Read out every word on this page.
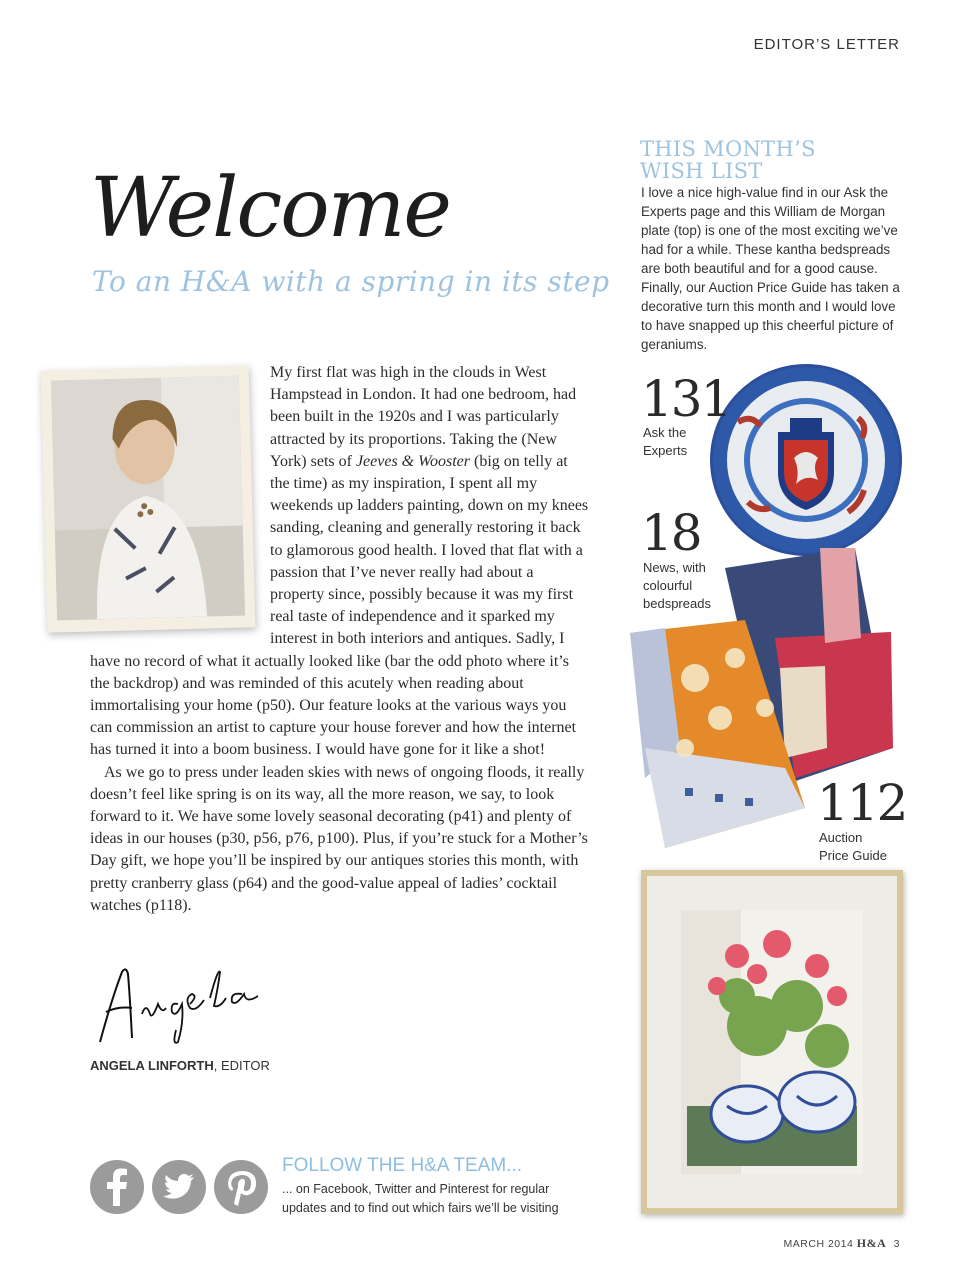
EDITOR’S LETTER
Welcome
To an H&A with a spring in its step

My first flat was high in the clouds in West Hampstead in London. It had one bedroom, had been built in the 1920s and I was particularly attracted by its proportions. Taking the (New York) sets of Jeeves & Wooster (big on telly at the time) as my inspiration, I spent all my weekends up ladders painting, down on my knees sanding, cleaning and generally restoring it back to glamorous good health. I loved that flat with a passion that I’ve never really had about a property since, possibly because it was my first real taste of independence and it sparked my interest in both interiors and antiques. Sadly, I have no record of what it actually looked like (bar the odd photo where it’s the backdrop) and was reminded of this acutely when reading about immortalising your home (p50). Our feature looks at the various ways you can commission an artist to capture your house forever and how the internet has turned it into a boom business. I would have gone for it like a shot!

As we go to press under leaden skies with news of ongoing floods, it really doesn’t feel like spring is on its way, all the more reason, we say, to look forward to it. We have some lovely seasonal decorating (p41) and plenty of ideas in our houses (p30, p56, p76, p100). Plus, if you’re stuck for a Mother’s Day gift, we hope you’ll be inspired by our antiques stories this month, with pretty cranberry glass (p64) and the good-value appeal of ladies’ cocktail watches (p118).

ANGELA LINFORTH, EDITOR
FOLLOW THE H&A TEAM...
... on Facebook, Twitter and Pinterest for regular updates and to find out which fairs we’ll be visiting
THIS MONTH’S
WISH LIST
I love a nice high-value find in our Ask the Experts page and this William de Morgan plate (top) is one of the most exciting we’ve had for a while. These kantha bedspreads are both beautiful and for a good cause. Finally, our Auction Price Guide has taken a decorative turn this month and I would love to have snapped up this cheerful picture of geraniums.
131
Ask the
Experts
18
News, with
colourful
bedspreads
112
Auction
Price Guide
MARCH 2014 H&A 3
